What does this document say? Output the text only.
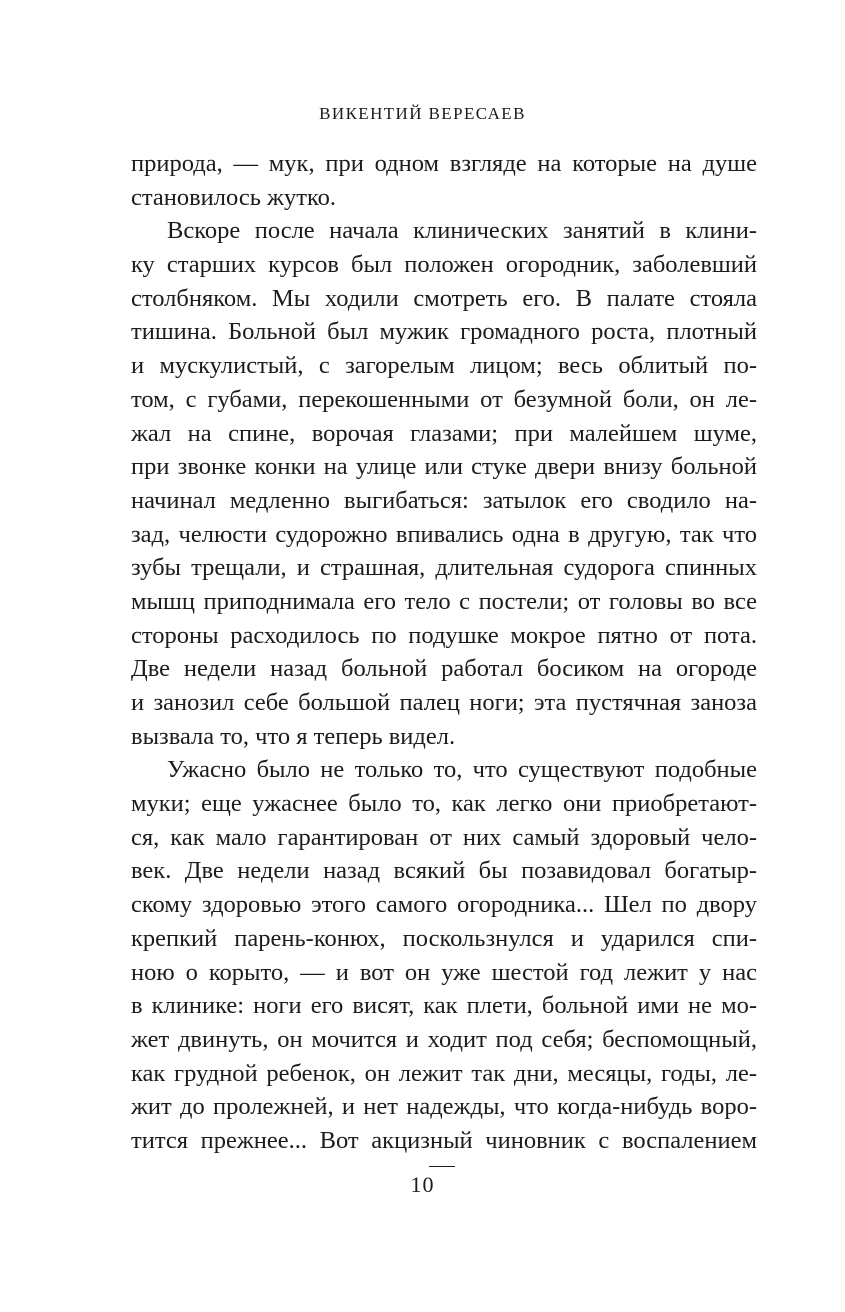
ВИКЕНТИЙ ВЕРЕСАЕВ
природа, — мук, при одном взгляде на которые на душе
становилось жутко.
Вскоре после начала клинических занятий в клини-
ку старших курсов был положен огородник, заболевший
столбняком. Мы ходили смотреть его. В палате стояла
тишина. Больной был мужик громадного роста, плотный
и мускулистый, с загорелым лицом; весь облитый по-
том, с губами, перекошенными от безумной боли, он ле-
жал на спине, ворочая глазами; при малейшем шуме,
при звонке конки на улице или стуке двери внизу больной
начинал медленно выгибаться: затылок его сводило на-
зад, челюсти судорожно впивались одна в другую, так что
зубы трещали, и страшная, длительная судорога спинных
мышц приподнимала его тело с постели; от головы во все
стороны расходилось по подушке мокрое пятно от пота.
Две недели назад больной работал босиком на огороде
и занозил себе большой палец ноги; эта пустячная заноза
вызвала то, что я теперь видел.
Ужасно было не только то, что существуют подобные
муки; еще ужаснее было то, как легко они приобретают-
ся, как мало гарантирован от них самый здоровый чело-
век. Две недели назад всякий бы позавидовал богатыр-
скому здоровью этого самого огородника... Шел по двору
крепкий парень-конюх, поскользнулся и ударился спи-
ною о корыто, — и вот он уже шестой год лежит у нас
в клинике: ноги его висят, как плети, больной ими не мо-
жет двинуть, он мочится и ходит под себя; беспомощный,
как грудной ребенок, он лежит так дни, месяцы, годы, ле-
жит до пролежней, и нет надежды, что когда-нибудь воро-
тится прежнее... Вот акцизный чиновник с воспалением
10
